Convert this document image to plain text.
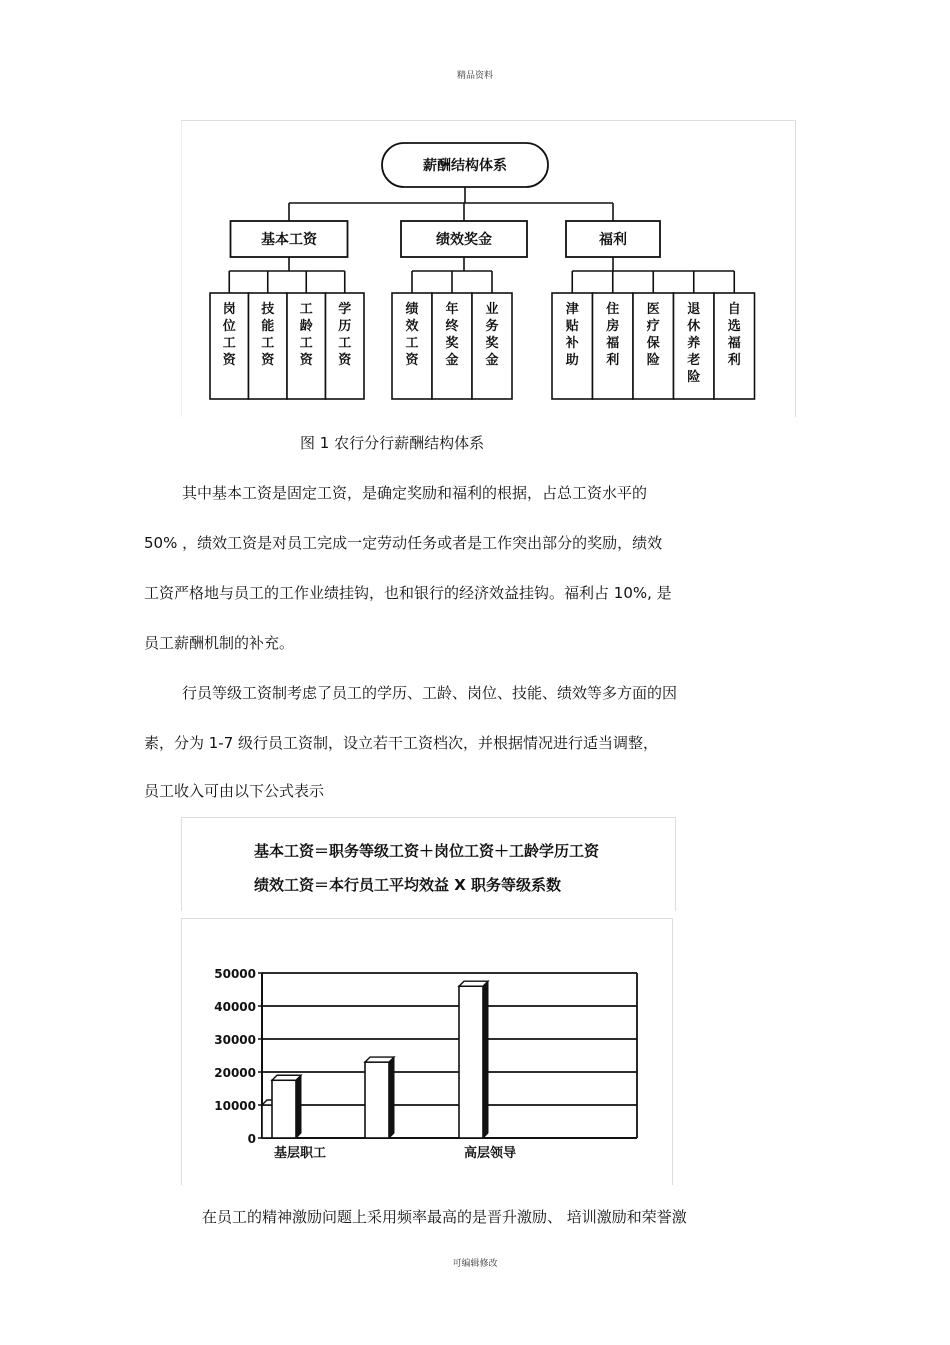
精品资料
薪酬结构体系
基本工资
岗
位
工
资
技
能
工
资
工
龄
工
资
学
历
工
资
绩效奖金
绩
效
工
资
年
终
奖
金
业
务
奖
金
福利
津
贴
补
助
住
房
福
利
医
疗
保
险
退
休
养
老
险
自
选
福
利
图 1 农行分行薪酬结构体系
其中基本工资是固定工资，是确定奖励和福利的根据，占总工资水平的
50% ，绩效工资是对员工完成一定劳动任务或者是工作突出部分的奖励，绩效
工资严格地与员工的工作业绩挂钩，也和银行的经济效益挂钩。福利占 10%, 是
员工薪酬机制的补充。
行员等级工资制考虑了员工的学历、工龄、岗位、技能、绩效等多方面的因
素，分为 1-7 级行员工资制，设立若干工资档次，并根据情况进行适当调整，
员工收入可由以下公式表示
基本工资＝职务等级工资＋岗位工资＋工龄学历工资
绩效工资＝本行员工平均效益 X 职务等级系数
50000
40000
30000
20000
10000
0
基层职工	高层领导
在员工的精神激励问题上采用频率最高的是晋升激励、 培训激励和荣誉激
可编辑修改
